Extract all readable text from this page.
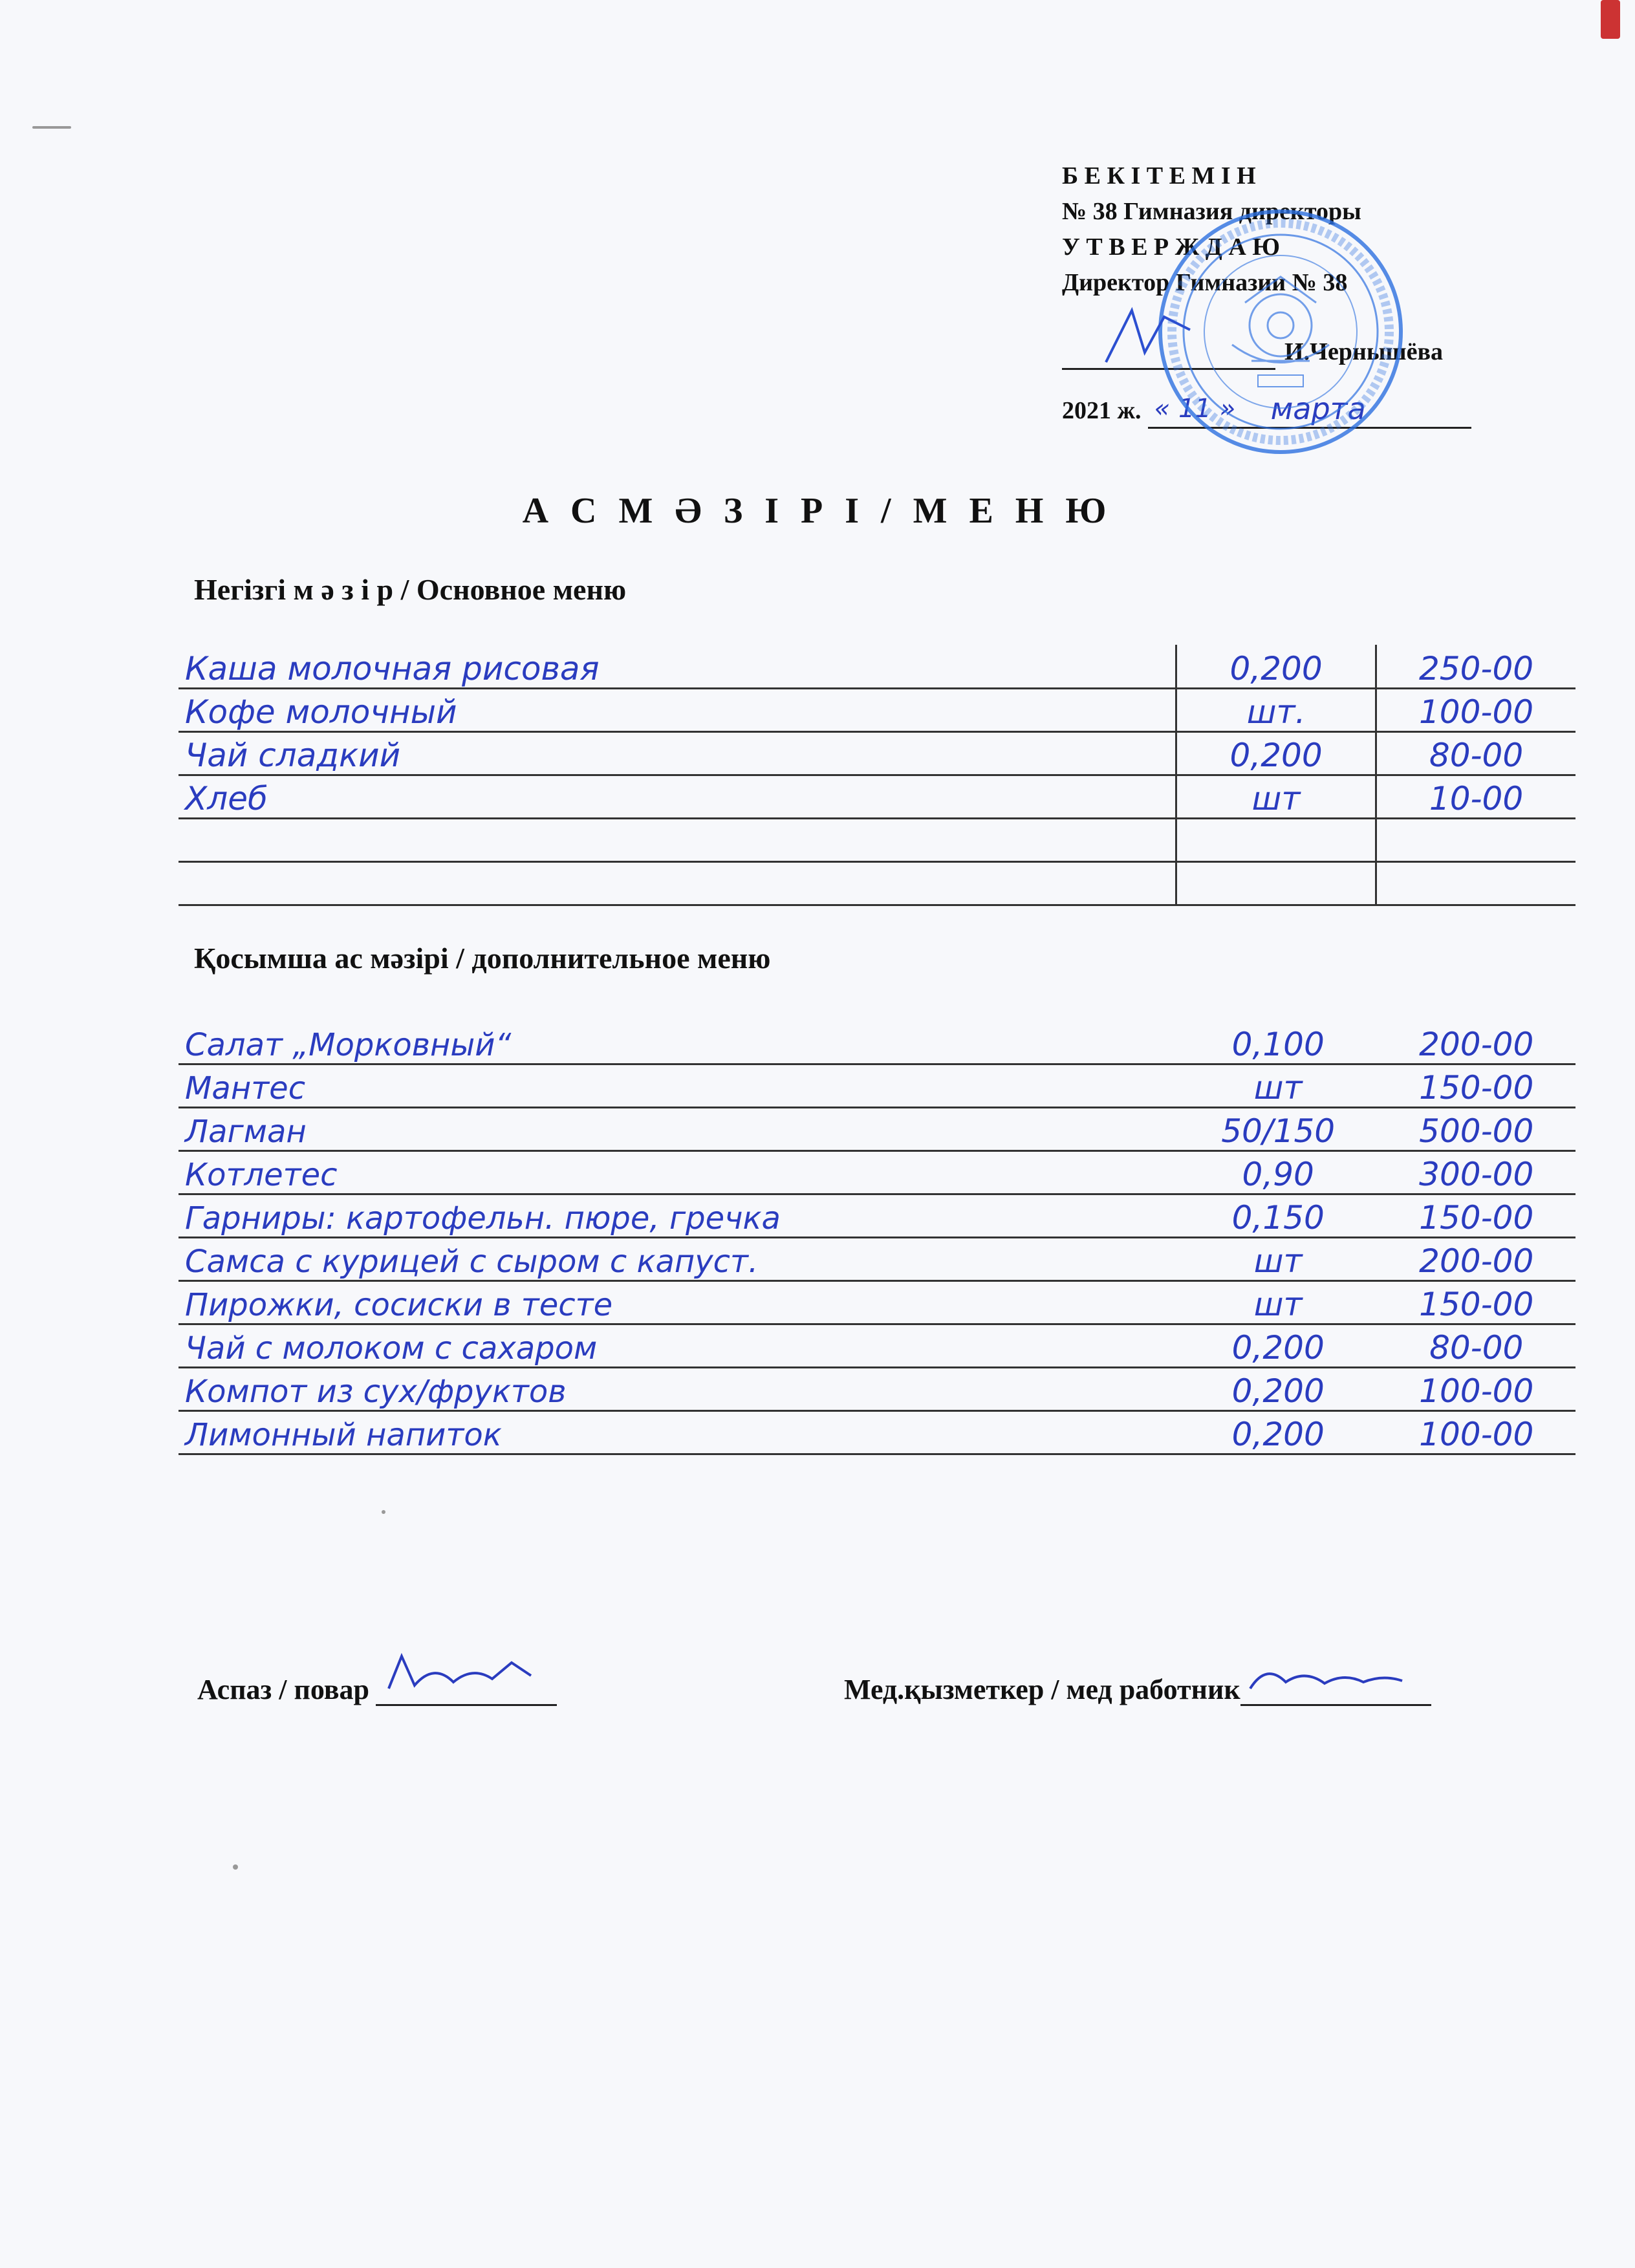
Б Е К І Т Е М І Н
№ 38 Гимназия директоры
У Т В Е Р Ж Д А Ю
Директор Гимназии № 38
И.Чернышёва
2021 ж. « 11 » марта
А С М Ә З І Р І / М Е Н Ю
Негізгі м ә з і р / Основное меню
Каша молочная рисовая	0,200	250-00
Кофе молочный	шт.	100-00
Чай сладкий	0,200	80-00
Хлеб	шт	10-00

Қосымша ас мәзірі / дополнительное меню
Салат „Морковный“	0,100	200-00
Мантес	шт	150-00
Лагман	50/150	500-00
Котлетес	0,90	300-00
Гарниры: картофельн. пюре, гречка	0,150	150-00
Самса с курицей с сыром с капуст.	шт	200-00
Пирожки, сосиски в тесте	шт	150-00
Чай с молоком с сахаром	0,200	80-00
Компот из сух/фруктов	0,200	100-00
Лимонный напиток	0,200	100-00
Аспаз / повар	Мед.қызметкер / мед работник
